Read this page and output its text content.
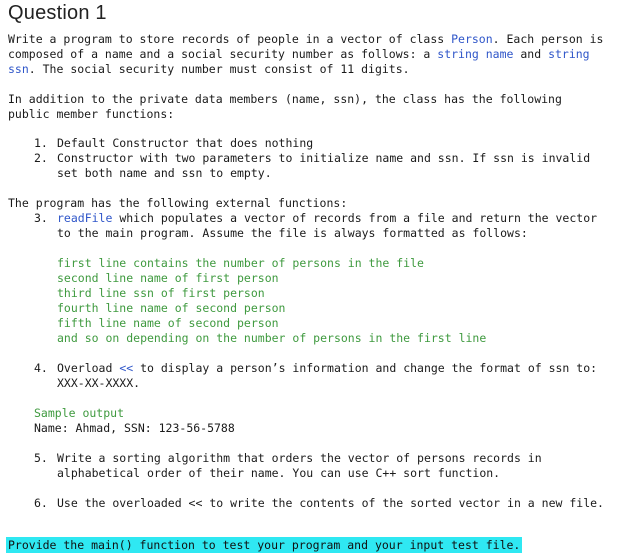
Question 1
Write a program to store records of people in a vector of class Person. Each person is
composed of a name and a social security number as follows: a string name and string
ssn. The social security number must consist of 11 digits.
In addition to the private data members (name, ssn), the class has the following
public member functions:
1. Default Constructor that does nothing
2. Constructor with two parameters to initialize name and ssn. If ssn is invalid
set both name and ssn to empty.
The program has the following external functions:
3. readFile which populates a vector of records from a file and return the vector
to the main program. Assume the file is always formatted as follows:
first line contains the number of persons in the file
second line name of first person
third line ssn of first person
fourth line name of second person
fifth line name of second person
and so on depending on the number of persons in the first line
4. Overload << to display a person’s information and change the format of ssn to:
XXX-XX-XXXX.
Sample output
Name: Ahmad, SSN: 123-56-5788
5. Write a sorting algorithm that orders the vector of persons records in
alphabetical order of their name. You can use C++ sort function.
6. Use the overloaded << to write the contents of the sorted vector in a new file.
Provide the main() function to test your program and your input test file.
